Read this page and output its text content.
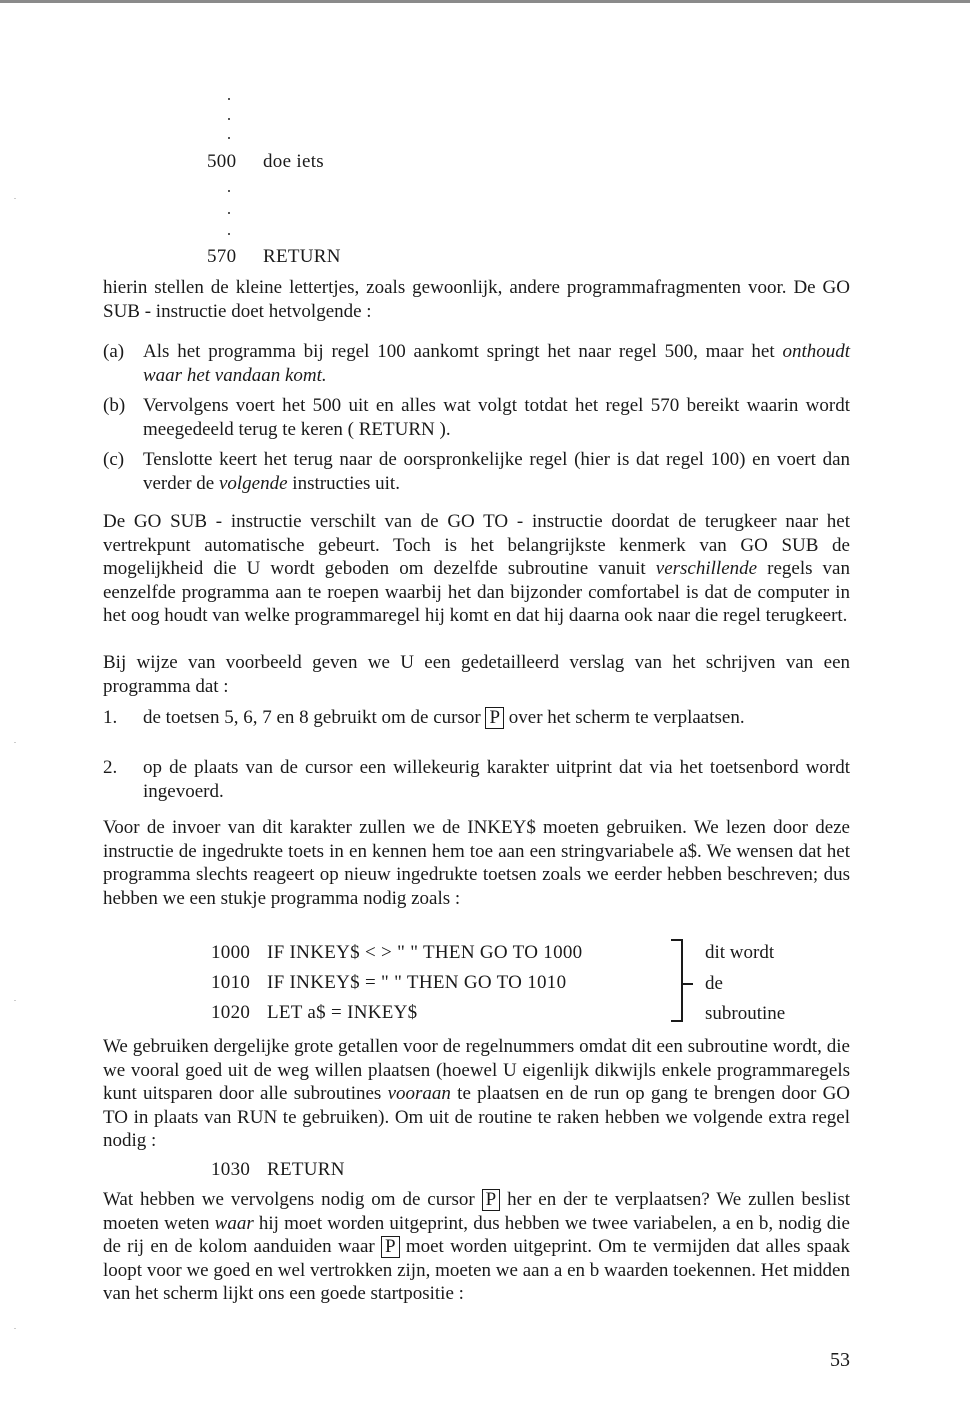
500 doe iets
570 RETURN

hierin stellen de kleine lettertjes, zoals gewoonlijk, andere programmafragmenten voor. De GO SUB - instructie doet hetvolgende :

(a) Als het programma bij regel 100 aankomt springt het naar regel 500, maar het onthoudt waar het vandaan komt.

(b) Vervolgens voert het 500 uit en alles wat volgt totdat het regel 570 bereikt waarin wordt meegedeeld terug te keren ( RETURN ).

(c) Tenslotte keert het terug naar de oorspronkelijke regel (hier is dat regel 100) en voert dan verder de volgende instructies uit.

De GO SUB - instructie verschilt van de GO TO - instructie doordat de terugkeer naar het vertrekpunt automatische gebeurt. Toch is het belangrijkste kenmerk van GO SUB de mogelijkheid die U wordt geboden om dezelfde subroutine vanuit verschillende regels van eenzelfde programma aan te roepen waarbij het dan bijzonder comfortabel is dat de computer in het oog houdt van welke programmaregel hij komt en dat hij daarna ook naar die regel terugkeert.

Bij wijze van voorbeeld geven we U een gedetailleerd verslag van het schrijven van een programma dat :

1.	de toetsen 5, 6, 7 en 8 gebruikt om de cursor P over het scherm te verplaatsen.

2.	op de plaats van de cursor een willekeurig karakter uitprint dat via het toetsenbord wordt ingevoerd.

Voor de invoer van dit karakter zullen we de INKEY$ moeten gebruiken. We lezen door deze instructie de ingedrukte toets in en kennen hem toe aan een stringvariabele a$. We wensen dat het programma slechts reageert op nieuw ingedrukte toetsen zoals we eerder hebben beschreven; dus hebben we een stukje programma nodig zoals :

1000 IF INKEY$ < > " " THEN GO TO 1000
1010 IF INKEY$ = " " THEN GO TO 1010
1020 LET a$ = INKEY$
dit wordt
de
subroutine

We gebruiken dergelijke grote getallen voor de regelnummers omdat dit een subroutine wordt, die we vooral goed uit de weg willen plaatsen (hoewel U eigenlijk dikwijls enkele programmaregels kunt uitsparen door alle subroutines vooraan te plaatsen en de run op gang te brengen door GO TO in plaats van RUN te gebruiken). Om uit de routine te raken hebben we volgende extra regel nodig :

1030 RETURN

Wat hebben we vervolgens nodig om de cursor P her en der te verplaatsen? We zullen beslist moeten weten waar hij moet worden uitgeprint, dus hebben we twee variabelen, a en b, nodig die de rij en de kolom aanduiden waar P moet worden uitgeprint. Om te vermijden dat alles spaak loopt voor we goed en wel vertrokken zijn, moeten we aan a en b waarden toekennen. Het midden van het scherm lijkt ons een goede startpositie :

53
